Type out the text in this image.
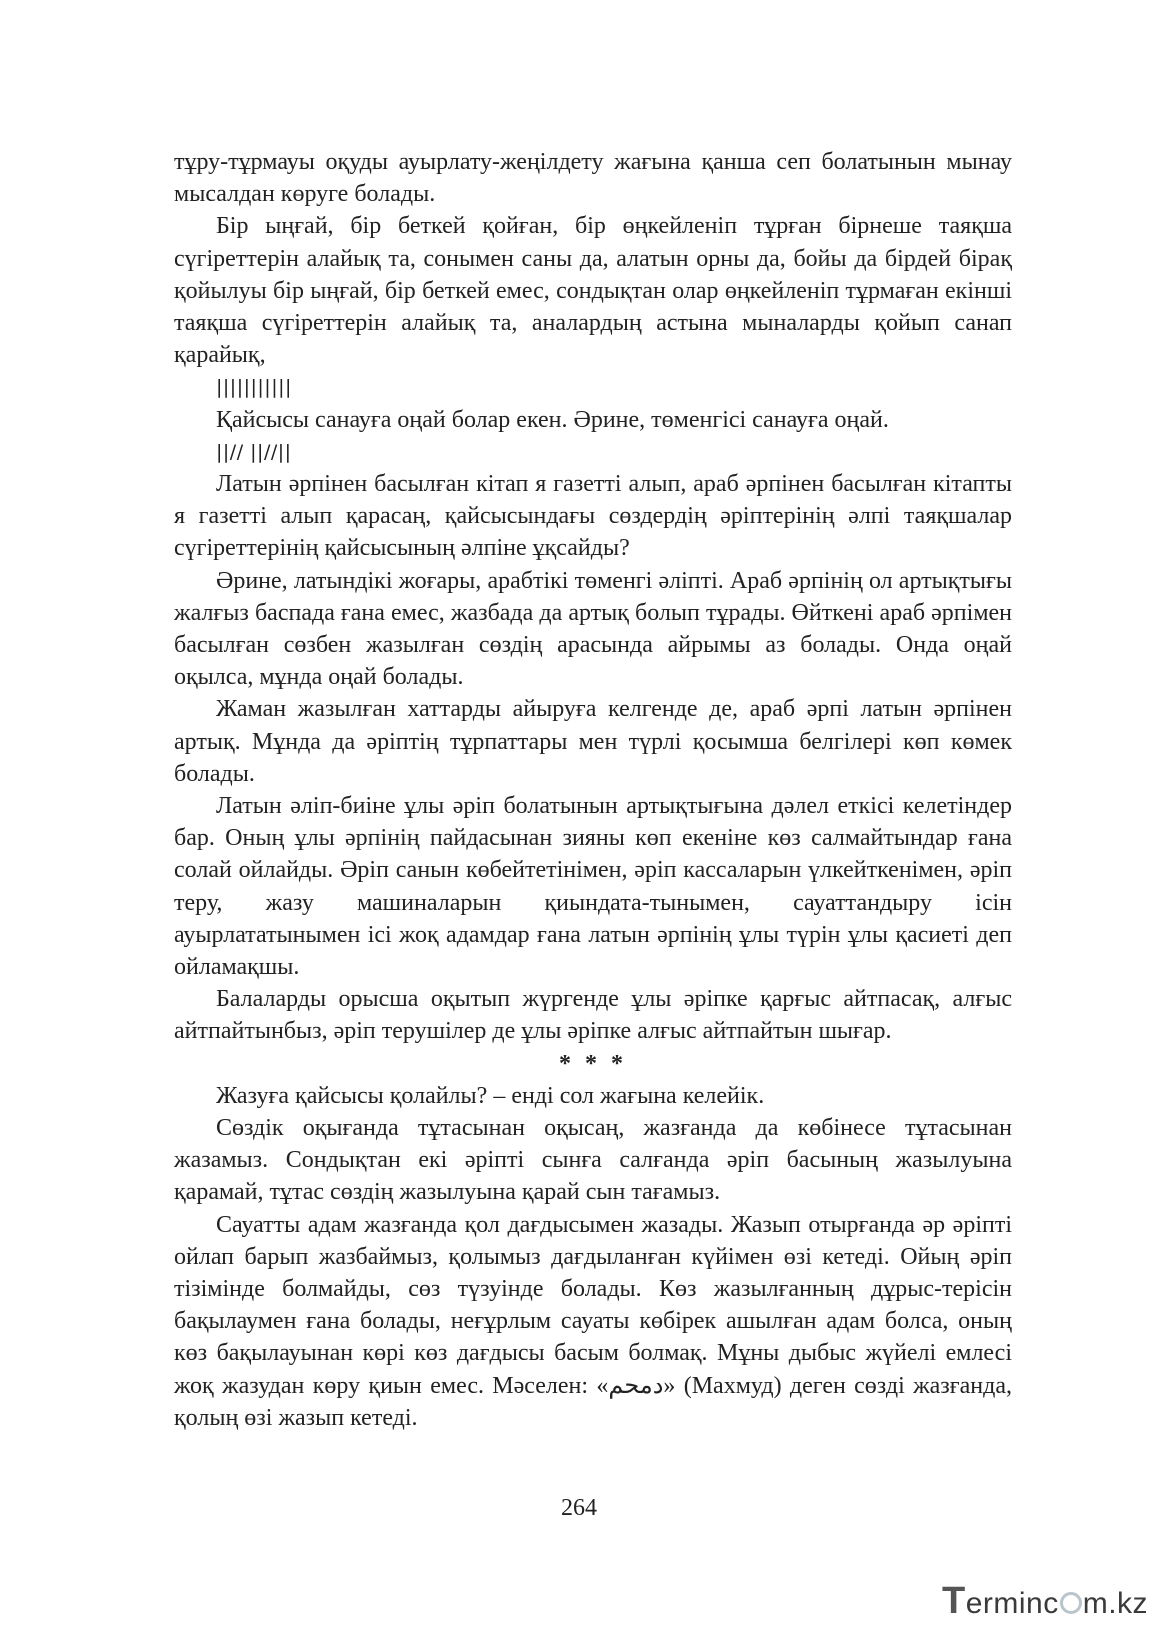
тұру-тұрмауы оқуды ауырлату-жеңілдету жағына қанша сеп болатынын мынау мысалдан көруге болады.

Бір ыңғай, бір беткей қойған, бір өңкейленіп тұрған бірнеше таяқша сүгіреттерін алайық та, сонымен саны да, алатын орны да, бойы да бірдей бірақ қойылуы бір ыңғай, бір беткей емес, сондықтан олар өңкейленіп тұрмаған екінші таяқша сүгіреттерін алайық та, аналардың астына мыналарды қойып санап қарайық,

|||||||||||

Қайсысы санауға оңай болар екен. Әрине, төменгісі санауға оңай.

||// ||//||

Латын әрпінен басылған кітап я газетті алып, араб әрпінен басылған кітапты я газетті алып қарасаң, қайсысындағы сөздердің әріптерінің әлпі таяқшалар сүгіреттерінің қайсысының әлпіне ұқсайды?

Әрине, латындікі жоғары, арабтікі төменгі әліпті. Араб әрпінің ол артықтығы жалғыз баспада ғана емес, жазбада да артық болып тұрады. Өйткені араб әрпімен басылған сөзбен жазылған сөздің арасында айрымы аз болады. Онда оңай оқылса, мұнда оңай болады.

Жаман жазылған хаттарды айыруға келгенде де, араб әрпі латын әрпінен артық. Мұнда да әріптің тұрпаттары мен түрлі қосымша белгілері көп көмек болады.

Латын әліп-биіне ұлы әріп болатынын артықтығына дәлел еткісі келетіндер бар. Оның ұлы әрпінің пайдасынан зияны көп екеніне көз салмайтындар ғана солай ойлайды. Әріп санын көбейтетінімен, әріп кассаларын үлкейткенімен, әріп теру, жазу машиналарын қиындата-тынымен, сауаттандыру ісін ауырлататынымен ісі жоқ адамдар ғана латын әрпінің ұлы түрін ұлы қасиеті деп ойламақшы.

Балаларды орысша оқытып жүргенде ұлы әріпке қарғыс айтпасақ, алғыс айтпайтынбыз, әріп терушілер де ұлы әріпке алғыс айтпайтын шығар.

* * *

Жазуға қайсысы қолайлы? – енді сол жағына келейік.

Сөздік оқығанда тұтасынан оқысаң, жазғанда да көбінесе тұтасынан жазамыз. Сондықтан екі әріпті сынға салғанда әріп басының жазылуына қарамай, тұтас сөздің жазылуына қарай сын тағамыз.

Сауатты адам жазғанда қол дағдысымен жазады. Жазып отырғанда әр әріпті ойлап барып жазбаймыз, қолымыз дағдыланған күйімен өзі кетеді. Ойың әріп тізімінде болмайды, сөз түзуінде болады. Көз жазылғанның дұрыс-терісін бақылаумен ғана болады, неғұрлым сауаты көбірек ашылған адам болса, оның көз бақылауынан көрі көз дағдысы басым болмақ. Мұны дыбыс жүйелі емлесі жоқ жазудан көру қиын емес. Мәселен: «دمحم» (Махмуд) деген сөзді жазғанда, қолың өзі жазып кетеді.

264
Terminc m.kz
